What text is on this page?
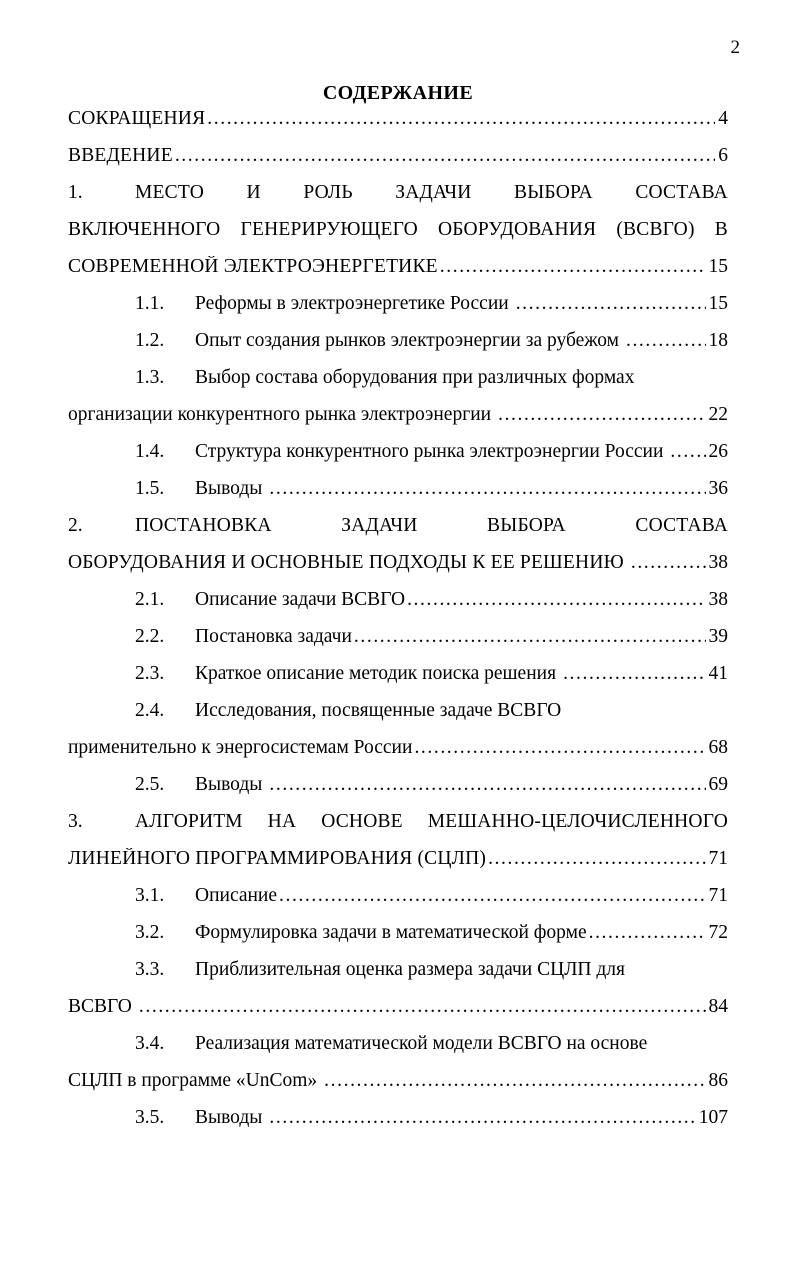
2
СОДЕРЖАНИЕ
СОКРАЩЕНИЯ .....	4
ВВЕДЕНИЕ .....	6
1.	МЕСТО И РОЛЬ ЗАДАЧИ ВЫБОРА СОСТАВА
ВКЛЮЧЕННОГО ГЕНЕРИРУЮЩЕГО ОБОРУДОВАНИЯ (ВСВГО) В
СОВРЕМЕННОЙ ЭЛЕКТРОЭНЕРГЕТИКЕ .....	15
1.1.	Реформы в электроэнергетике России .....	15
1.2.	Опыт создания рынков электроэнергии за рубежом .....	18
1.3.	Выбор состава оборудования при различных формах
организации конкурентного рынка электроэнергии .....	22
1.4.	Структура конкурентного рынка электроэнергии России ..... 26
1.5.	Выводы .....	36
2.	ПОСТАНОВКА	ЗАДАЧИ	ВЫБОРА	СОСТАВА
ОБОРУДОВАНИЯ И ОСНОВНЫЕ ПОДХОДЫ К ЕЕ РЕШЕНИЮ .....	38
2.1.	Описание задачи ВСВГО .....	38
2.2.	Постановка задачи .....	39
2.3.	Краткое описание методик поиска решения .....	41
2.4.	Исследования, посвященные задаче ВСВГО
применительно к энергосистемам России .....	68
2.5.	Выводы .....	69
3.	АЛГОРИТМ НА ОСНОВЕ МЕШАННО-ЦЕЛОЧИСЛЕННОГО
ЛИНЕЙНОГО ПРОГРАММИРОВАНИЯ (СЦЛП) .....	71
3.1.	Описание .....	71
3.2.	Формулировка задачи в математической форме .....	72
3.3.	Приблизительная оценка размера задачи СЦЛП для
ВСВГО .....	84
3.4.	Реализация математической модели ВСВГО на основе
СЦЛП в программе «UnCom» .....	86
3.5.	Выводы .....	107
